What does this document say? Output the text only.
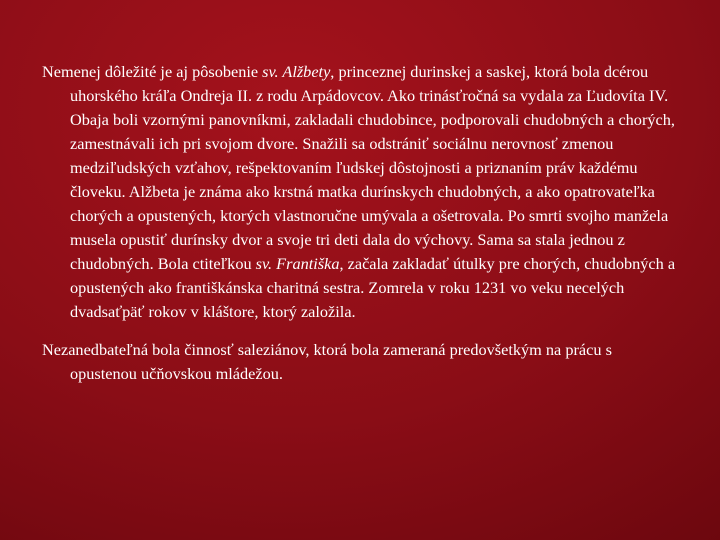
Nemenej dôležité je aj pôsobenie sv. Alžbety, princeznej durinskej a saskej, ktorá bola dcérou uhorského kráľa Ondreja II. z rodu Arpádovcov. Ako trinásťročná sa vydala za Ľudovíta IV. Obaja boli vzornými panovníkmi, zakladali chudobince, podporovali chudobných a chorých, zamestnávali ich pri svojom dvore. Snažili sa odstrániť sociálnu nerovnosť zmenou medziľudských vzťahov, rešpektovaním ľudskej dôstojnosti a priznaním práv každému človeku. Alžbeta je známa ako krstná matka durínskych chudobných, a ako opatrovateľka chorých a opustených, ktorých vlastnoručne umývala a ošetrovala. Po smrti svojho manžela musela opustiť durínsky dvor a svoje tri deti dala do výchovy. Sama sa stala jednou z chudobných. Bola ctiteľkou sv. Františka, začala zakladať útulky pre chorých, chudobných a opustených ako františkánska charitná sestra. Zomrela v roku 1231 vo veku necelých dvadsaťpäť rokov v kláštore, ktorý založila.

Nezanedbateľná bola činnosť saleziánov, ktorá bola zameraná predovšetkým na prácu s opustenou učňovskou mládežou.
